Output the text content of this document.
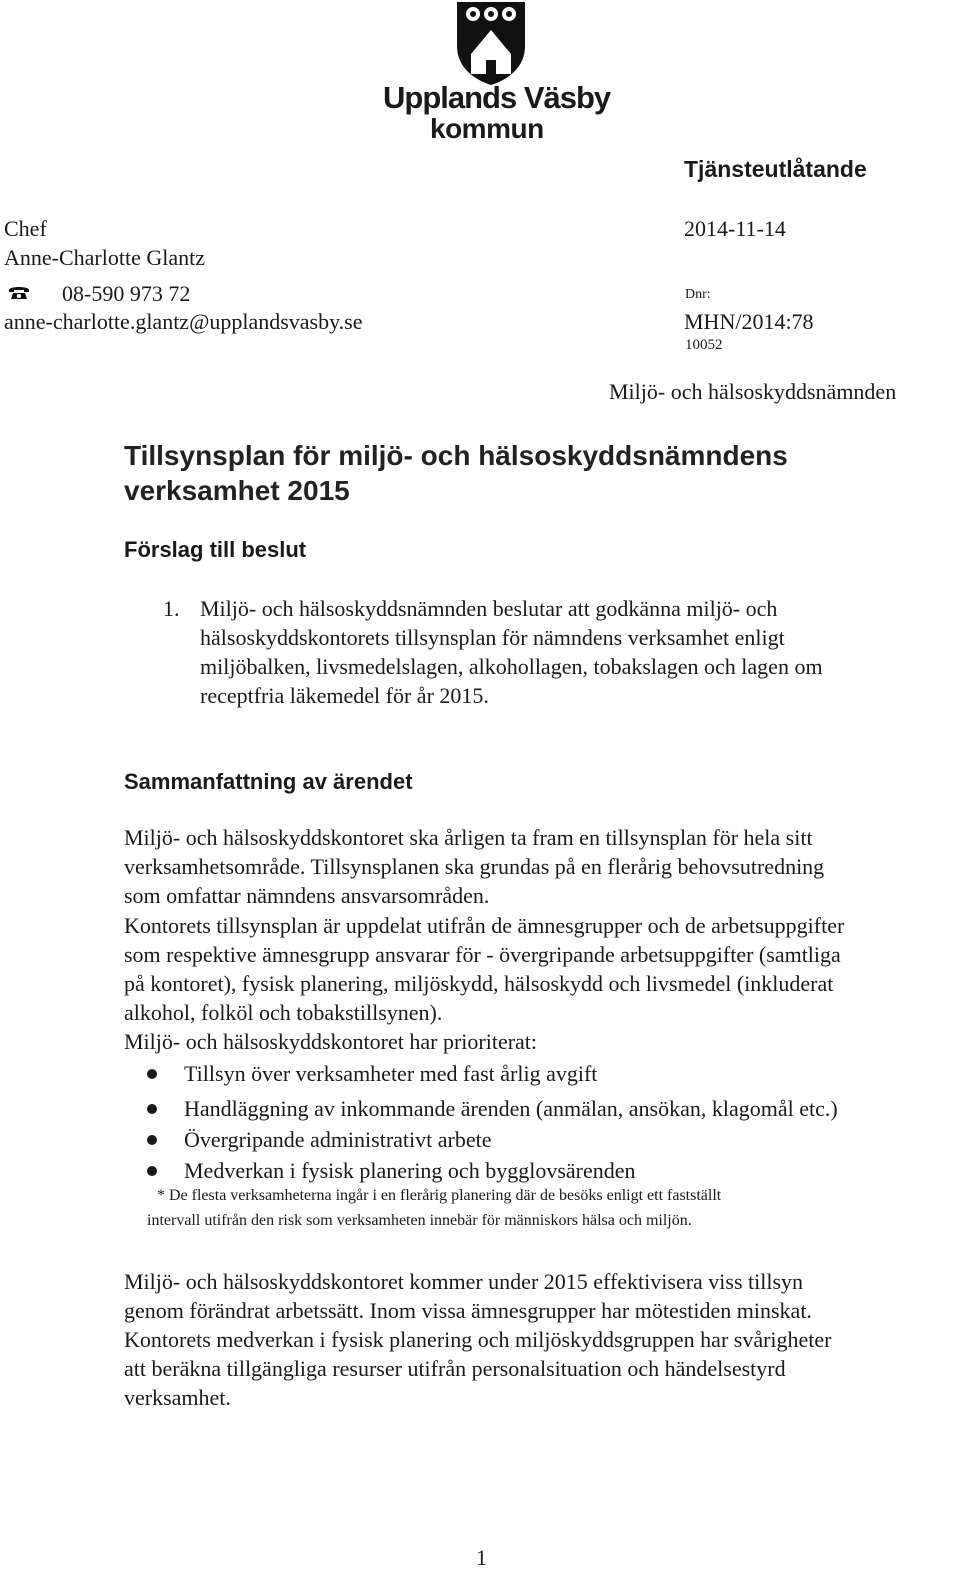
Upplands Väsby
kommun
Tjänsteutlåtande
Chef
Anne-Charlotte Glantz
08-590 973 72
anne-charlotte.glantz@upplandsvasby.se
2014-11-14
Dnr:
MHN/2014:78
10052
Miljö- och hälsoskyddsnämnden
Tillsynsplan för miljö- och hälsoskyddsnämndens
verksamhet 2015
Förslag till beslut
1. Miljö- och hälsoskyddsnämnden beslutar att godkänna miljö- och
hälsoskyddskontorets tillsynsplan för nämndens verksamhet enligt
miljöbalken, livsmedelslagen, alkohollagen, tobakslagen och lagen om
receptfria läkemedel för år 2015.
Sammanfattning av ärendet
Miljö- och hälsoskyddskontoret ska årligen ta fram en tillsynsplan för hela sitt
verksamhetsområde. Tillsynsplanen ska grundas på en flerårig behovsutredning
som omfattar nämndens ansvarsområden.
Kontorets tillsynsplan är uppdelat utifrån de ämnesgrupper och de arbetsuppgifter
som respektive ämnesgrupp ansvarar för - övergripande arbetsuppgifter (samtliga
på kontoret), fysisk planering, miljöskydd, hälsoskydd och livsmedel (inkluderat
alkohol, folköl och tobakstillsynen).
Miljö- och hälsoskyddskontoret har prioriterat:
Tillsyn över verksamheter med fast årlig avgift
Handläggning av inkommande ärenden (anmälan, ansökan, klagomål etc.)
Övergripande administrativt arbete
Medverkan i fysisk planering och bygglovsärenden
* De flesta verksamheterna ingår i en flerårig planering där de besöks enligt ett fastställt
intervall utifrån den risk som verksamheten innebär för människors hälsa och miljön.
Miljö- och hälsoskyddskontoret kommer under 2015 effektivisera viss tillsyn
genom förändrat arbetssätt. Inom vissa ämnesgrupper har mötestiden minskat.
Kontorets medverkan i fysisk planering och miljöskyddsgruppen har svårigheter
att beräkna tillgängliga resurser utifrån personalsituation och händelsestyrd
verksamhet.
1
